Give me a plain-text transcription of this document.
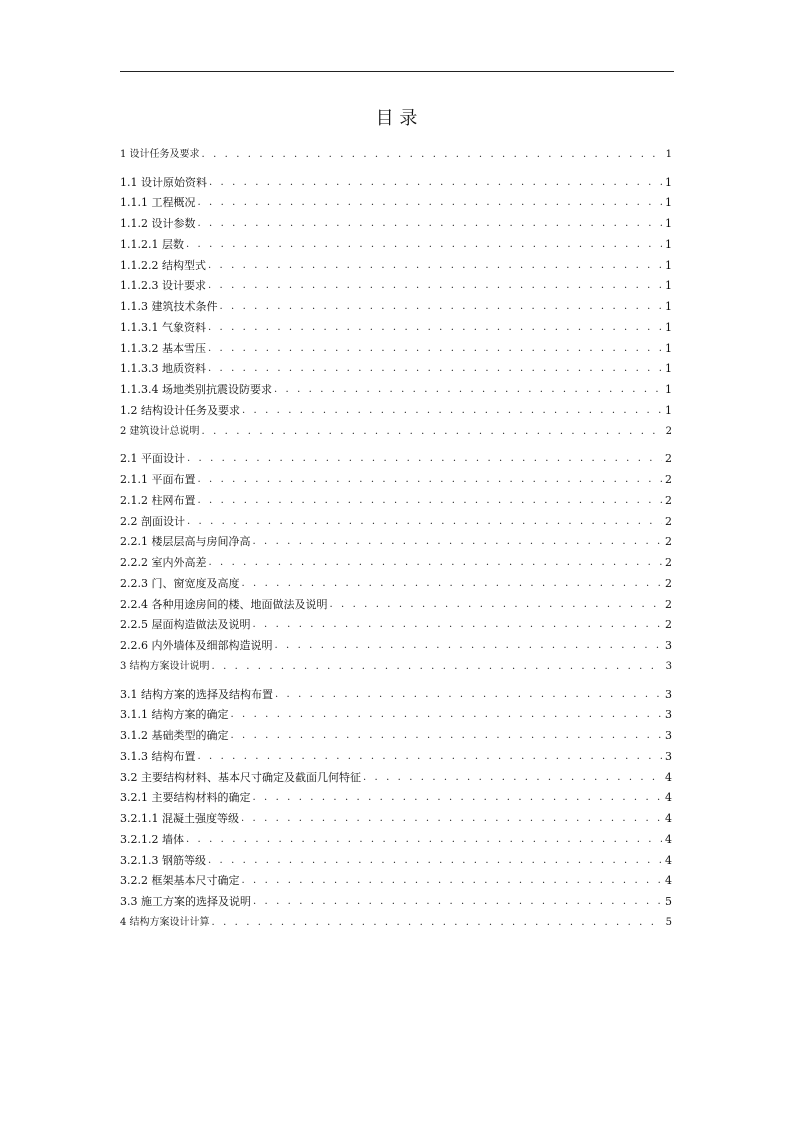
目 录
1 设计任务及要求 . . .	1
1.1 设计原始资料 . . .	1
1.1.1 工程概况 . . .	1
1.1.2 设计参数 . . .	1
1.1.2.1 层数 . . .	1
1.1.2.2 结构型式 . . .	1
1.1.2.3 设计要求 . . .	1
1.1.3 建筑技术条件 . . .	1
1.1.3.1 气象资料 . . .	1
1.1.3.2 基本雪压 . . .	1
1.1.3.3 地质资料 . . .	1
1.1.3.4 场地类别抗震设防要求 . . .	1
1.2 结构设计任务及要求 . . .	1
2 建筑设计总说明 . . .	2
2.1 平面设计 . . .	2
2.1.1 平面布置 . . .	2
2.1.2 柱网布置 . . .	2
2.2 剖面设计 . . .	2
2.2.1 楼层层高与房间净高 . . .	2
2.2.2 室内外高差 . . .	2
2.2.3 门、窗宽度及高度 . . .	2
2.2.4 各种用途房间的楼、地面做法及说明 . . .	2
2.2.5 屋面构造做法及说明 . . .	2
2.2.6 内外墙体及细部构造说明 . . .	3
3 结构方案设计说明 . . .	3
3.1 结构方案的选择及结构布置 . . .	3
3.1.1 结构方案的确定 . . .	3
3.1.2 基础类型的确定 . . .	3
3.1.3 结构布置 . . .	3
3.2 主要结构材料、基本尺寸确定及截面几何特征 . . .	4
3.2.1 主要结构材料的确定 . . .	4
3.2.1.1 混凝土强度等级 . . .	4
3.2.1.2 墙体 . . .	4
3.2.1.3 钢筋等级 . . .	4
3.2.2 框架基本尺寸确定 . . .	4
3.3 施工方案的选择及说明 . . .	5
4 结构方案设计计算 . . .	5
